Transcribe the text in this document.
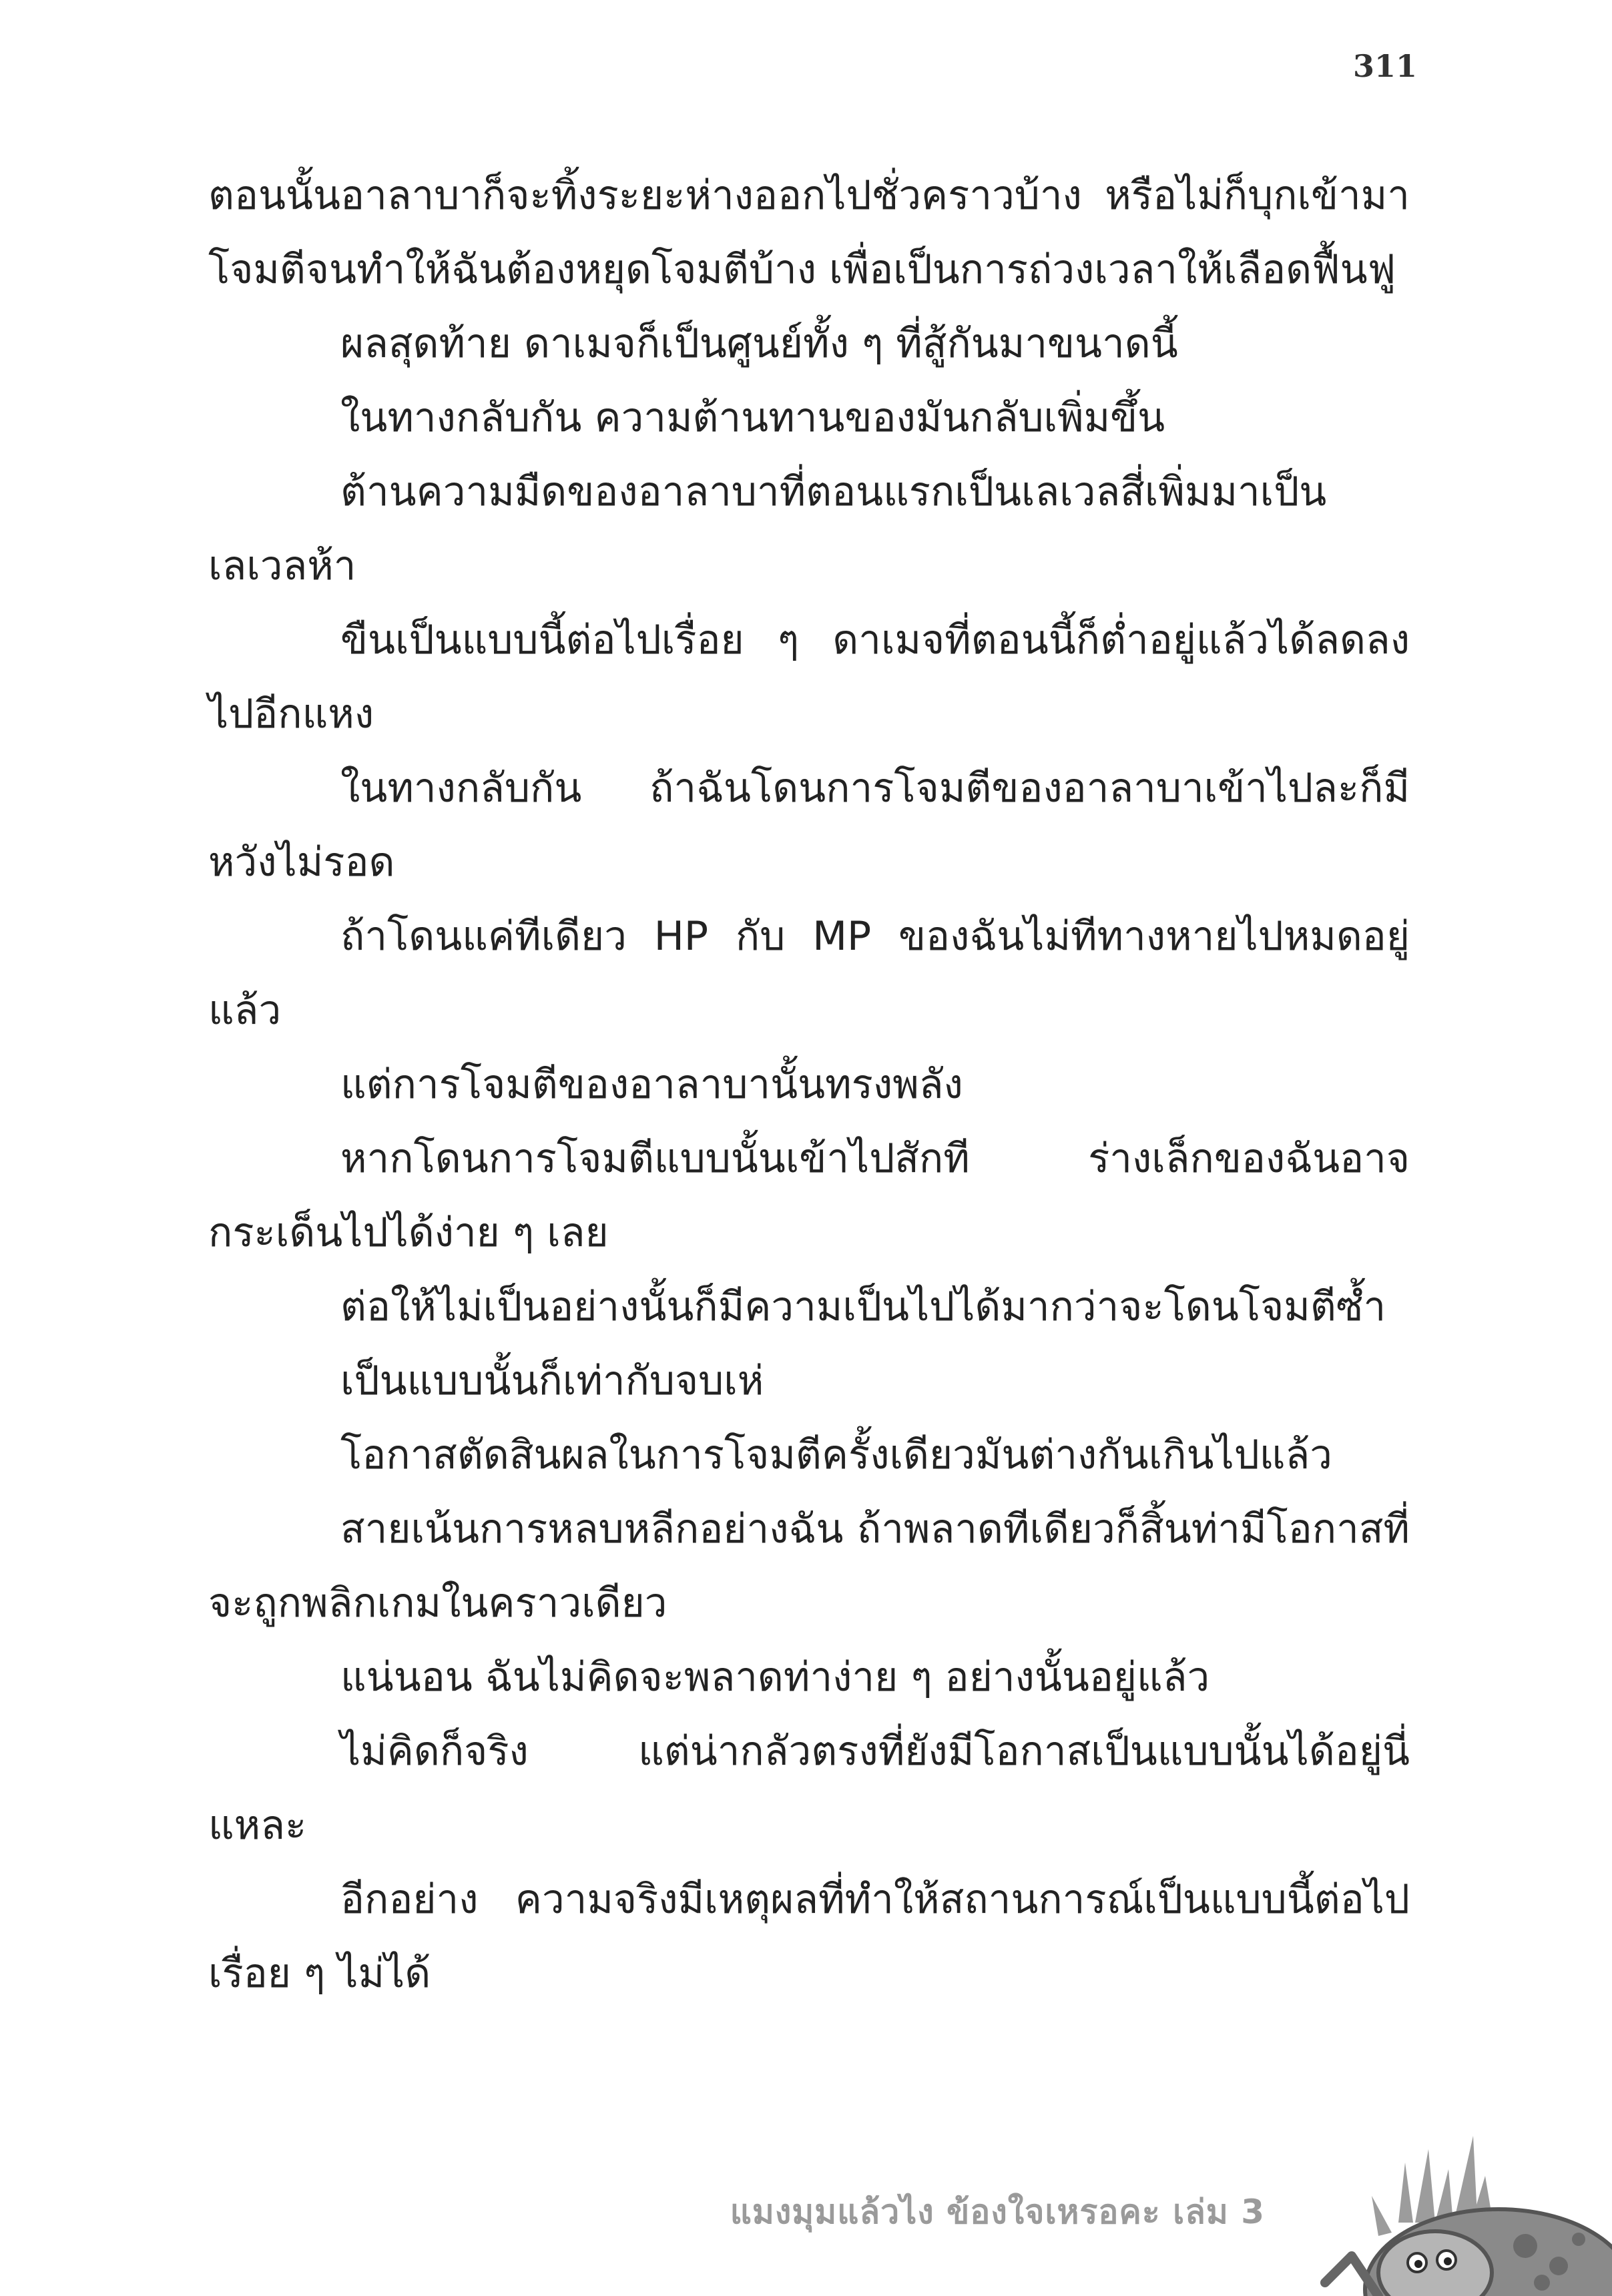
311

ตอนนั้นอาลาบาก็จะทิ้งระยะห่างออกไปชั่วคราวบ้าง หรือไม่ก็บุกเข้ามาโจมตีจนทำให้ฉันต้องหยุดโจมตีบ้าง เพื่อเป็นการถ่วงเวลาให้เลือดฟื้นฟู

ผลสุดท้าย ดาเมจก็เป็นศูนย์ทั้ง ๆ ที่สู้กันมาขนาดนี้

ในทางกลับกัน ความต้านทานของมันกลับเพิ่มขึ้น

ต้านความมืดของอาลาบาที่ตอนแรกเป็นเลเวลสี่เพิ่มมาเป็นเลเวลห้า

ขืนเป็นแบบนี้ต่อไปเรื่อย ๆ ดาเมจที่ตอนนี้ก็ต่ำอยู่แล้วได้ลดลงไปอีกแหง

ในทางกลับกัน ถ้าฉันโดนการโจมตีของอาลาบาเข้าไปละก็มีหวังไม่รอด

ถ้าโดนแค่ทีเดียว HP กับ MP ของฉันไม่ทีทางหายไปหมดอยู่แล้ว

แต่การโจมตีของอาลาบานั้นทรงพลัง

หากโดนการโจมตีแบบนั้นเข้าไปสักที ร่างเล็กของฉันอาจกระเด็นไปได้ง่าย ๆ เลย

ต่อให้ไม่เป็นอย่างนั้นก็มีความเป็นไปได้มากว่าจะโดนโจมตีซ้ำ

เป็นแบบนั้นก็เท่ากับจบเห่

โอกาสตัดสินผลในการโจมตีครั้งเดียวมันต่างกันเกินไปแล้ว

สายเน้นการหลบหลีกอย่างฉัน ถ้าพลาดทีเดียวก็สิ้นท่ามีโอกาสที่จะถูกพลิกเกมในคราวเดียว

แน่นอน ฉันไม่คิดจะพลาดท่าง่าย ๆ อย่างนั้นอยู่แล้ว

ไม่คิดก็จริง แต่น่ากลัวตรงที่ยังมีโอกาสเป็นแบบนั้นได้อยู่นี่แหละ

อีกอย่าง ความจริงมีเหตุผลที่ทำให้สถานการณ์เป็นแบบนี้ต่อไปเรื่อย ๆ ไม่ได้

แมงมุมแล้วไง ข้องใจเหรอคะ เล่ม 3
